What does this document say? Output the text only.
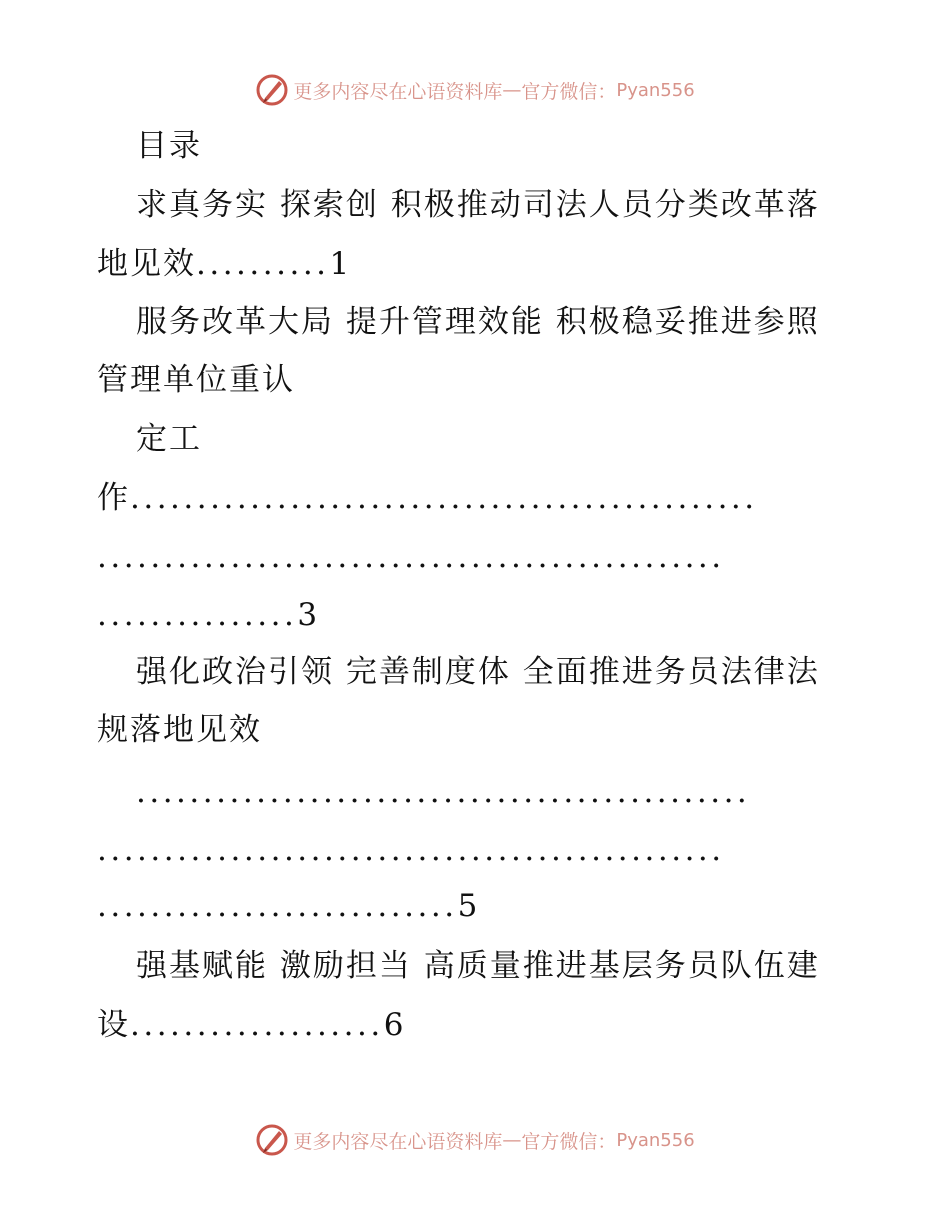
更多内容尽在心语资料库 — 官方微信： Pyan556
目录
求真务实 探索创 积极推动司法人员分类改革落
地见效..........1
服务改革大局 提升管理效能 积极稳妥推进参照
管理单位重认
定工
作...............................................
...............................................
...............3
强化政治引领 完善制度体 全面推进务员法律法
规落地见效
..............................................
...............................................
...........................5
强基赋能 激励担当 高质量推进基层务员队伍建
设...................6
更多内容尽在心语资料库 — 官方微信： Pyan556
